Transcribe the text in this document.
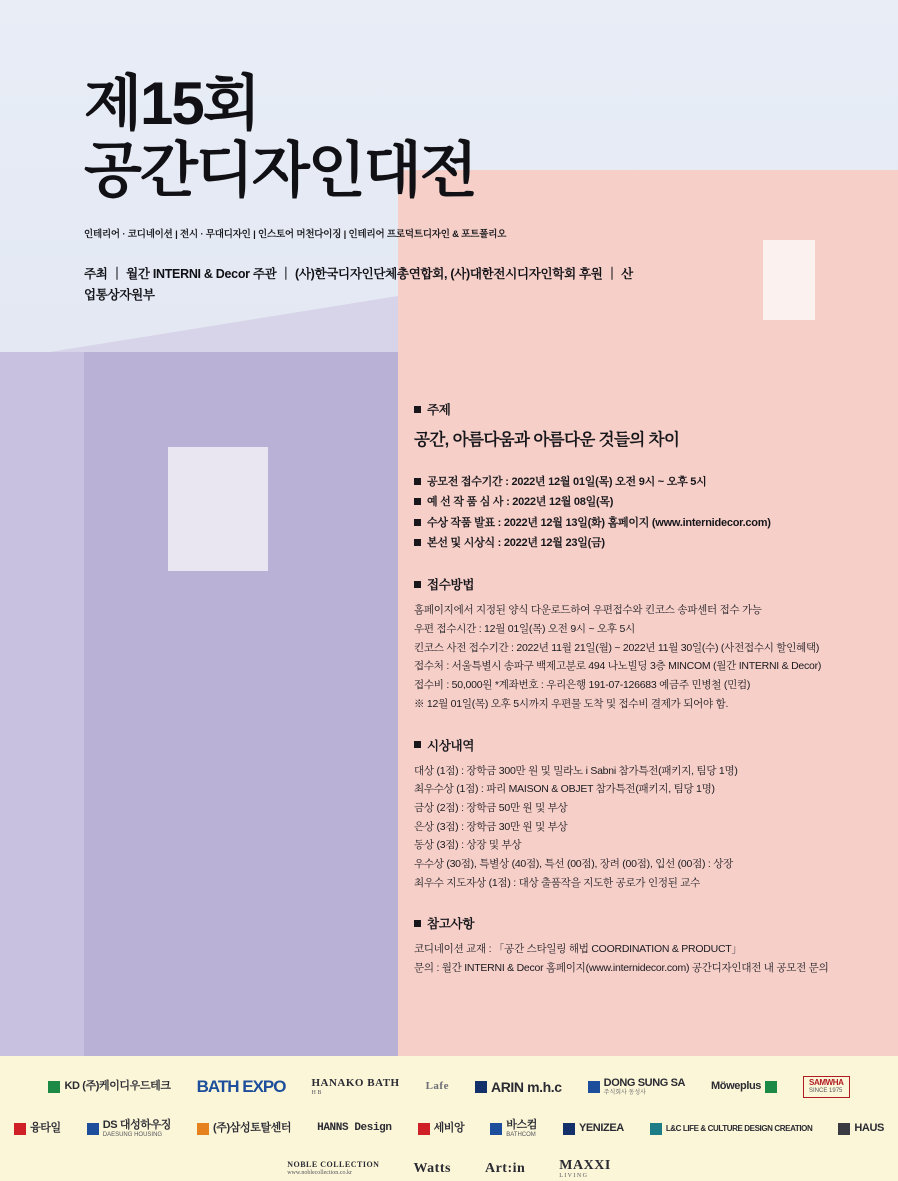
제15회
공간디자인대전
인테리어 · 코디네이션 | 전시 · 무대디자인 | 인스토어 머천다이징 | 인테리어 프로덕트디자인 & 포트폴리오
주최 ｜ 월간 INTERNI & Decor 주관 ｜ (사)한국디자인단체총연합회, (사)대한전시디자인학회 후원 ｜ 산업통상자원부
주제
공간, 아름다움과 아름다운 것들의 차이
공모전 접수기간 : 2022년 12월 01일(목) 오전 9시 ~ 오후 5시
예 선 작 품 심 사 : 2022년 12월 08일(목)
수상 작품 발표 : 2022년 12월 13일(화) 홈페이지 (www.internidecor.com)
본선 및 시상식 : 2022년 12월 23일(금)
접수방법
홈페이지에서 지정된 양식 다운로드하여 우편접수와 킨코스 송파센터 접수 가능
우편 접수시간 : 12월 01일(목) 오전 9시 ~ 오후 5시
킨코스 사전 접수기간 : 2022년 11월 21일(월) ~ 2022년 11월 30일(수) (사전접수시 할인혜택)
접수처 : 서울특별시 송파구 백제고분로 494 나노빌딩 3층 MINCOM (월간 INTERNI & Decor)
접수비 : 50,000원 *계좌번호 : 우리은행 191-07-126683 예금주 민병철 (민컴)
※ 12월 01일(목) 오후 5시까지 우편물 도착 및 접수비 결제가 되어야 함.
시상내역
대상 (1점) : 장학금 300만 원 및 밀라노 i Sabni 참가특전(패키지, 팀당 1명)
최우수상 (1점) : 파리 MAISON & OBJET 참가특전(패키지, 팀당 1명)
금상 (2점) : 장학금 50만 원 및 부상
은상 (3점) : 장학금 30만 원 및 부상
동상 (3점) : 상장 및 부상
우수상 (30점), 특별상 (40점), 특선 (00점), 장려 (00점), 입선 (00점) : 상장
최우수 지도자상 (1점) : 대상 출품작을 지도한 공로가 인정된 교수
참고사항
코디네이션 교재 : 「공간 스타일링 해법 COORDINATION & PRODUCT」
문의 : 월간 INTERNI & Decor 홈페이지(www.internidecor.com) 공간디자인대전 내 공모전 문의
KD (주)케이디우드테크 BATH EXPO HANAKO BATH
H B
Lafe	ARIN m.h.c	DONG SUNG SA
주식회사 동성사
Möweplus	SAMWHA
SINCE 1975
융타일	DS 대성하우징
DAESUNG HOUSING
(주)삼성토탈센터 HANNS Design	세비앙	바스컴
BATHCOM
YENIZEA	L&C LIFE & CULTURE DESIGN CREATION	HAUS
NOBLE COLLECTION
www.noblecollection.co.kr	Watts Art:in MAXXI
L I V I N G
